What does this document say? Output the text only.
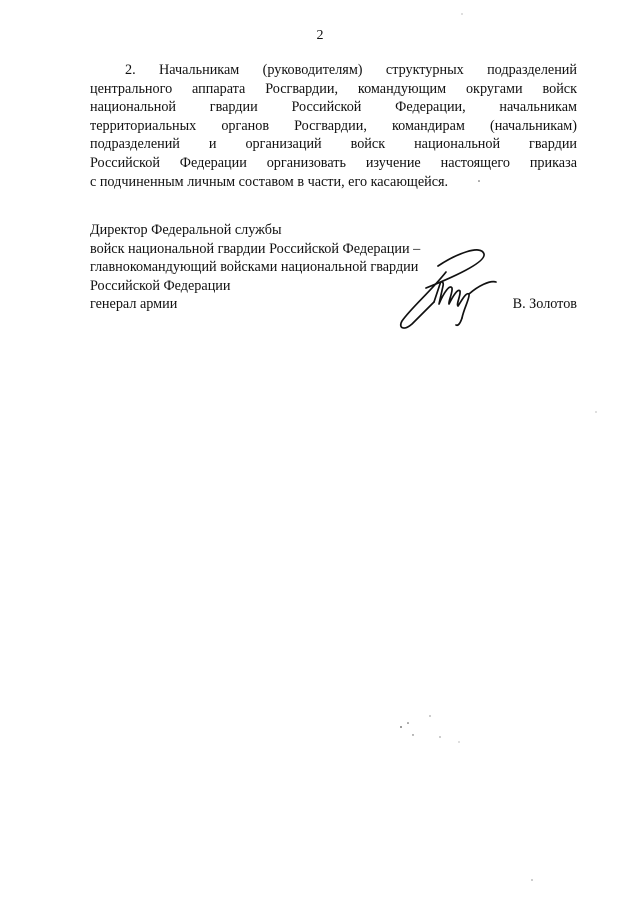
2
2. Начальникам (руководителям) структурных подразделений
центрального аппарата Росгвардии, командующим округами войск
национальной гвардии Российской Федерации, начальникам
территориальных органов Росгвардии, командирам (начальникам)
подразделений и организаций войск национальной гвардии
Российской Федерации организовать изучение настоящего приказа
с подчиненным личным составом в части, его касающейся.
Директор Федеральной службы
войск национальной гвардии Российской Федерации –
главнокомандующий войсками национальной гвардии
Российской Федерации
генерал армии	В. Золотов
